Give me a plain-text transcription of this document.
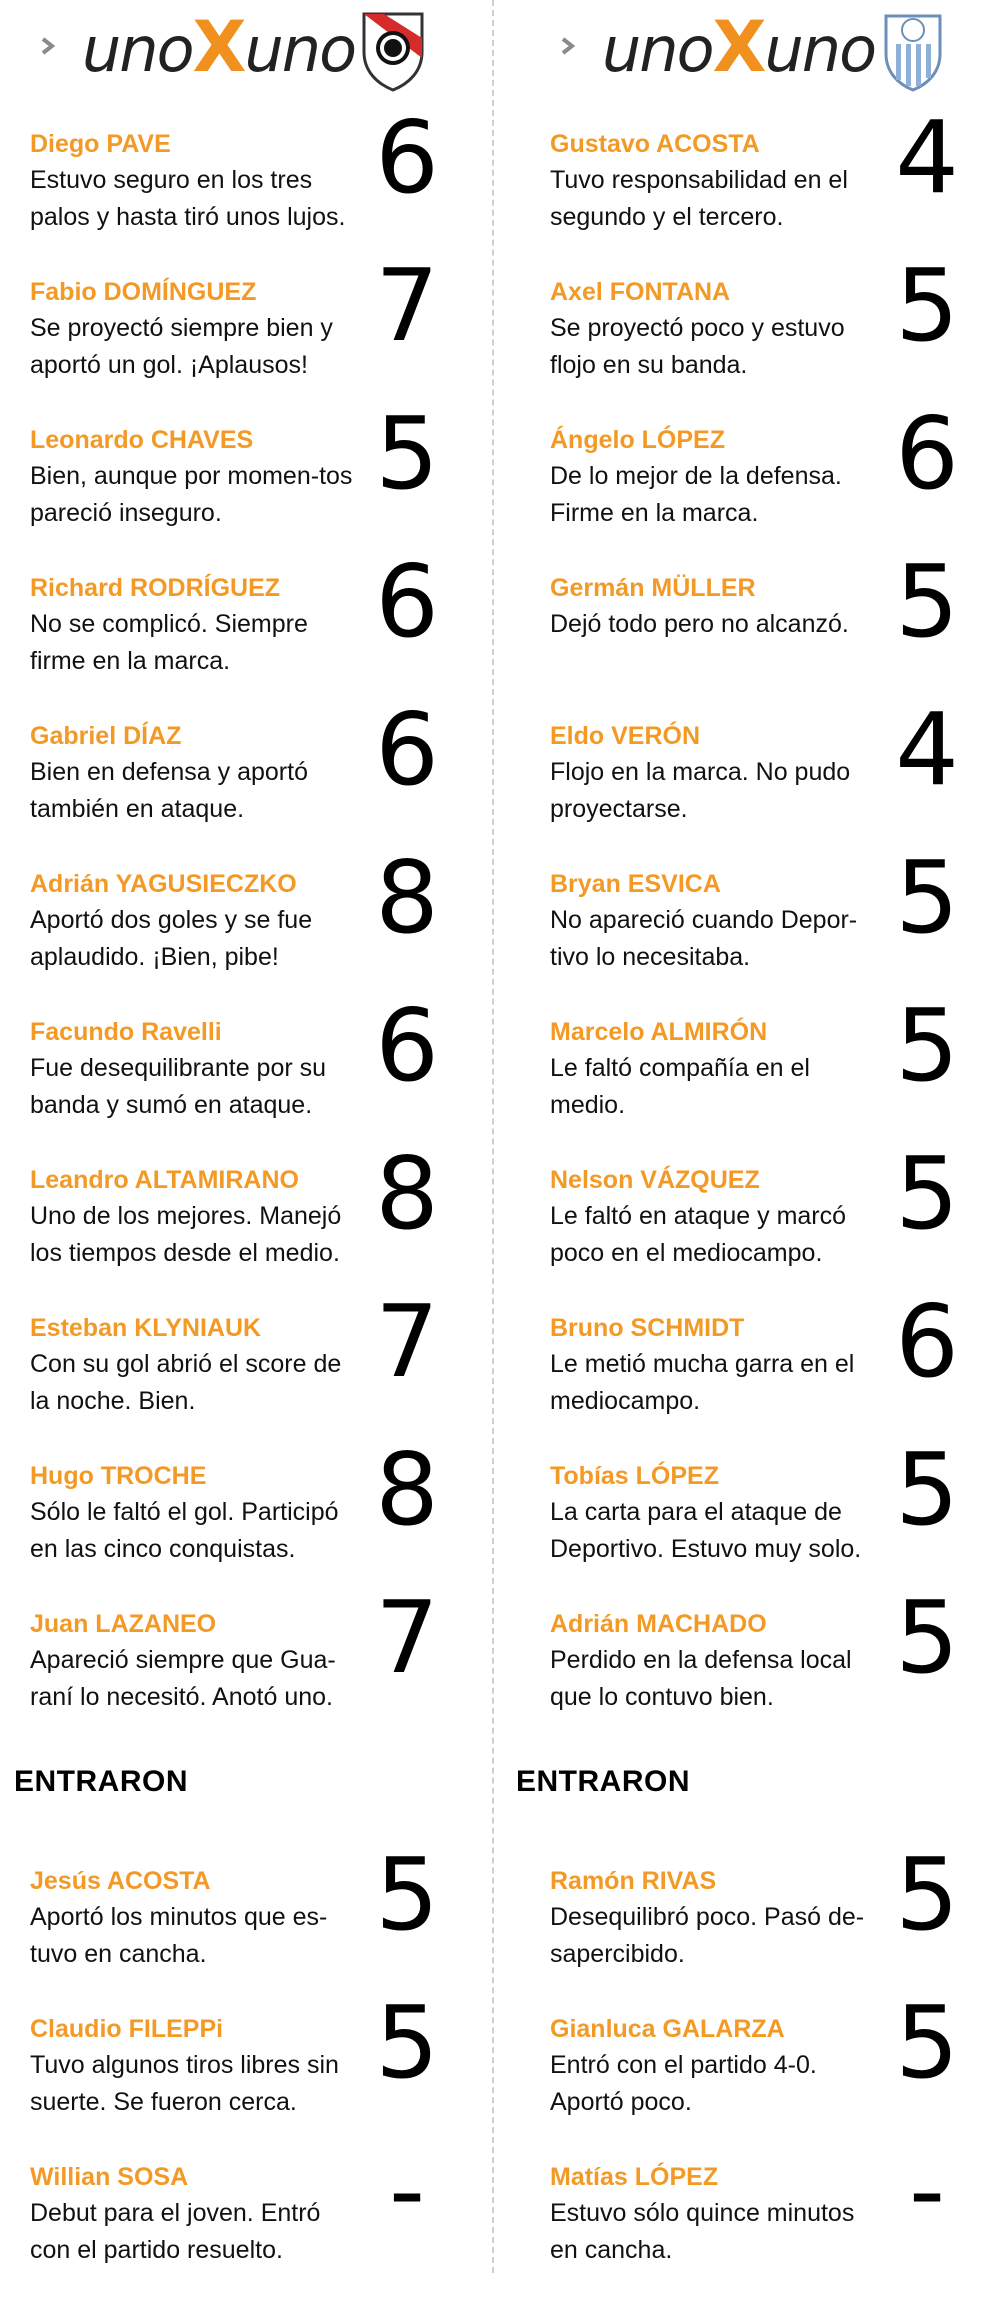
unoXuno
Diego PAVE
Estuvo seguro en los tres palos y hasta tiró unos lujos.
6
Fabio DOMÍNGUEZ
Se proyectó siempre bien y aportó un gol. ¡Aplausos!
7
Leonardo CHAVES
Bien, aunque por momen-tos pareció inseguro.
5
Richard RODRÍGUEZ
No se complicó. Siempre firme en la marca.
6
Gabriel DÍAZ
Bien en defensa y aportó también en ataque.
6
Adrián YAGUSIECZKO
Aportó dos goles y se fue aplaudido. ¡Bien, pibe!
8
Facundo Ravelli
Fue desequilibrante por su banda y sumó en ataque.
6
Leandro ALTAMIRANO
Uno de los mejores. Manejó los tiempos desde el medio.
8
Esteban KLYNIAUK
Con su gol abrió el score de la noche. Bien.
7
Hugo TROCHE
Sólo le faltó el gol. Participó en las cinco conquistas.
8
Juan LAZANEO
Apareció siempre que Gua-raní lo necesitó. Anotó uno.
7
ENTRARON
Jesús ACOSTA
Aportó los minutos que es-tuvo en cancha.
5
Claudio FILEPPi
Tuvo algunos tiros libres sin suerte. Se fueron cerca.
5
Willian SOSA
Debut para el joven. Entró con el partido resuelto.
-
unoXuno
Gustavo ACOSTA
Tuvo responsabilidad en el segundo y el tercero.
4
Axel FONTANA
Se proyectó poco y estuvo flojo en su banda.
5
Ángelo LÓPEZ
De lo mejor de la defensa. Firme en la marca.
6
Germán MÜLLER
Dejó todo pero no alcanzó. 5
Eldo VERÓN
Flojo en la marca. No pudo proyectarse.
4
Bryan ESVICA
No apareció cuando Depor-tivo lo necesitaba.
5
Marcelo ALMIRÓN
Le faltó compañía en el medio.
5
Nelson VÁZQUEZ
Le faltó en ataque y marcó poco en el mediocampo.
5
Bruno SCHMIDT
Le metió mucha garra en el mediocampo.
6
Tobías LÓPEZ
La carta para el ataque de Deportivo. Estuvo muy solo.
5
Adrián MACHADO
Perdido en la defensa local que lo contuvo bien.
5
ENTRARON
Ramón RIVAS
Desequilibró poco. Pasó de-sapercibido.
5
Gianluca GALARZA
Entró con el partido 4-0. Aportó poco.
5
Matías LÓPEZ
Estuvo sólo quince minutos en cancha.
-
